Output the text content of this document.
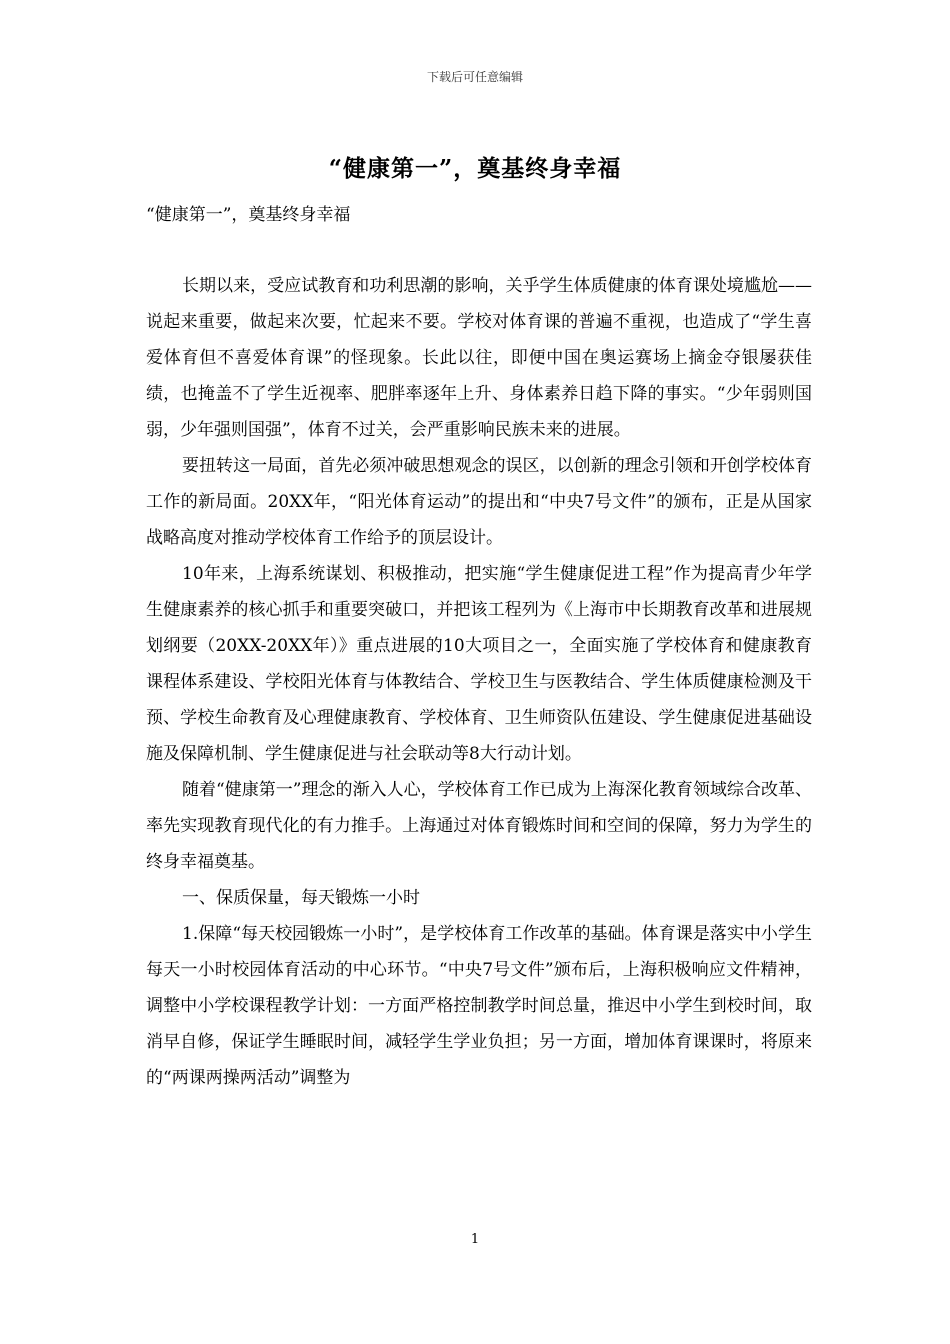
下载后可任意编辑
“健康第一”，奠基终身幸福
“健康第一”，奠基终身幸福

长期以来，受应试教育和功利思潮的影响，关乎学生体质健康的体育课处境尴尬——说起来重要，做起来次要，忙起来不要。学校对体育课的普遍不重视，也造成了“学生喜爱体育但不喜爱体育课”的怪现象。长此以往，即便中国在奥运赛场上摘金夺银屡获佳绩，也掩盖不了学生近视率、肥胖率逐年上升、身体素养日趋下降的事实。“少年弱则国弱，少年强则国强”，体育不过关，会严重影响民族未来的进展。

要扭转这一局面，首先必须冲破思想观念的误区，以创新的理念引领和开创学校体育工作的新局面。20XX年，“阳光体育运动”的提出和“中央7号文件”的颁布，正是从国家战略高度对推动学校体育工作给予的顶层设计。

10年来，上海系统谋划、积极推动，把实施“学生健康促进工程”作为提高青少年学生健康素养的核心抓手和重要突破口，并把该工程列为《上海市中长期教育改革和进展规划纲要（20XX-20XX年）》重点进展的10大项目之一，全面实施了学校体育和健康教育课程体系建设、学校阳光体育与体教结合、学校卫生与医教结合、学生体质健康检测及干预、学校生命教育及心理健康教育、学校体育、卫生师资队伍建设、学生健康促进基础设施及保障机制、学生健康促进与社会联动等8大行动计划。

随着“健康第一”理念的渐入人心，学校体育工作已成为上海深化教育领域综合改革、率先实现教育现代化的有力推手。上海通过对体育锻炼时间和空间的保障，努力为学生的终身幸福奠基。

一、保质保量，每天锻炼一小时

1.保障“每天校园锻炼一小时”，是学校体育工作改革的基础。体育课是落实中小学生每天一小时校园体育活动的中心环节。“中央7号文件”颁布后，上海积极响应文件精神，调整中小学校课程教学计划：一方面严格控制教学时间总量，推迟中小学生到校时间，取消早自修，保证学生睡眠时间，减轻学生学业负担；另一方面，增加体育课课时，将原来的“两课两操两活动”调整为

1
